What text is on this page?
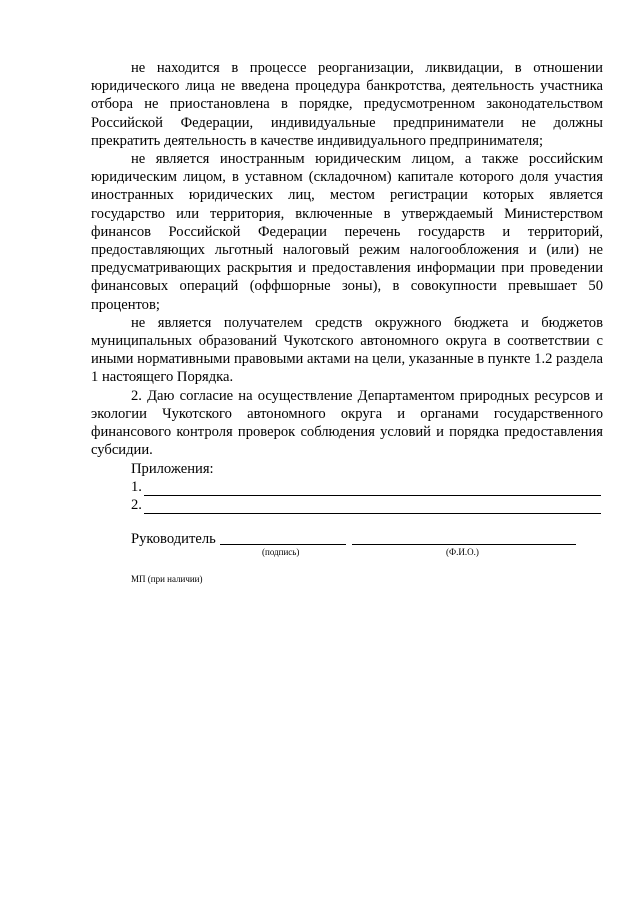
не находится в процессе реорганизации, ликвидации, в отношении юридического лица не введена процедура банкротства, деятельность участника отбора не приостановлена в порядке, предусмотренном законодательством Российской Федерации, индивидуальные предприниматели не должны прекратить деятельность в качестве индивидуального предпринимателя;

не является иностранным юридическим лицом, а также российским юридическим лицом, в уставном (складочном) капитале которого доля участия иностранных юридических лиц, местом регистрации которых является государство или территория, включенные в утверждаемый Министерством финансов Российской Федерации перечень государств и территорий, предоставляющих льготный налоговый режим налогообложения и (или) не предусматривающих раскрытия и предоставления информации при проведении финансовых операций (оффшорные зоны), в совокупности превышает 50 процентов;

не является получателем средств окружного бюджета и бюджетов муниципальных образований Чукотского автономного округа в соответствии с иными нормативными правовыми актами на цели, указанные в пункте 1.2 раздела 1 настоящего Порядка.

2. Даю согласие на осуществление Департаментом природных ресурсов и экологии Чукотского автономного округа и органами государственного финансового контроля проверок соблюдения условий и порядка предоставления субсидии.

Приложения:
1.
2.
Руководитель
(подпись)	(Ф.И.О.)
МП (при наличии)
